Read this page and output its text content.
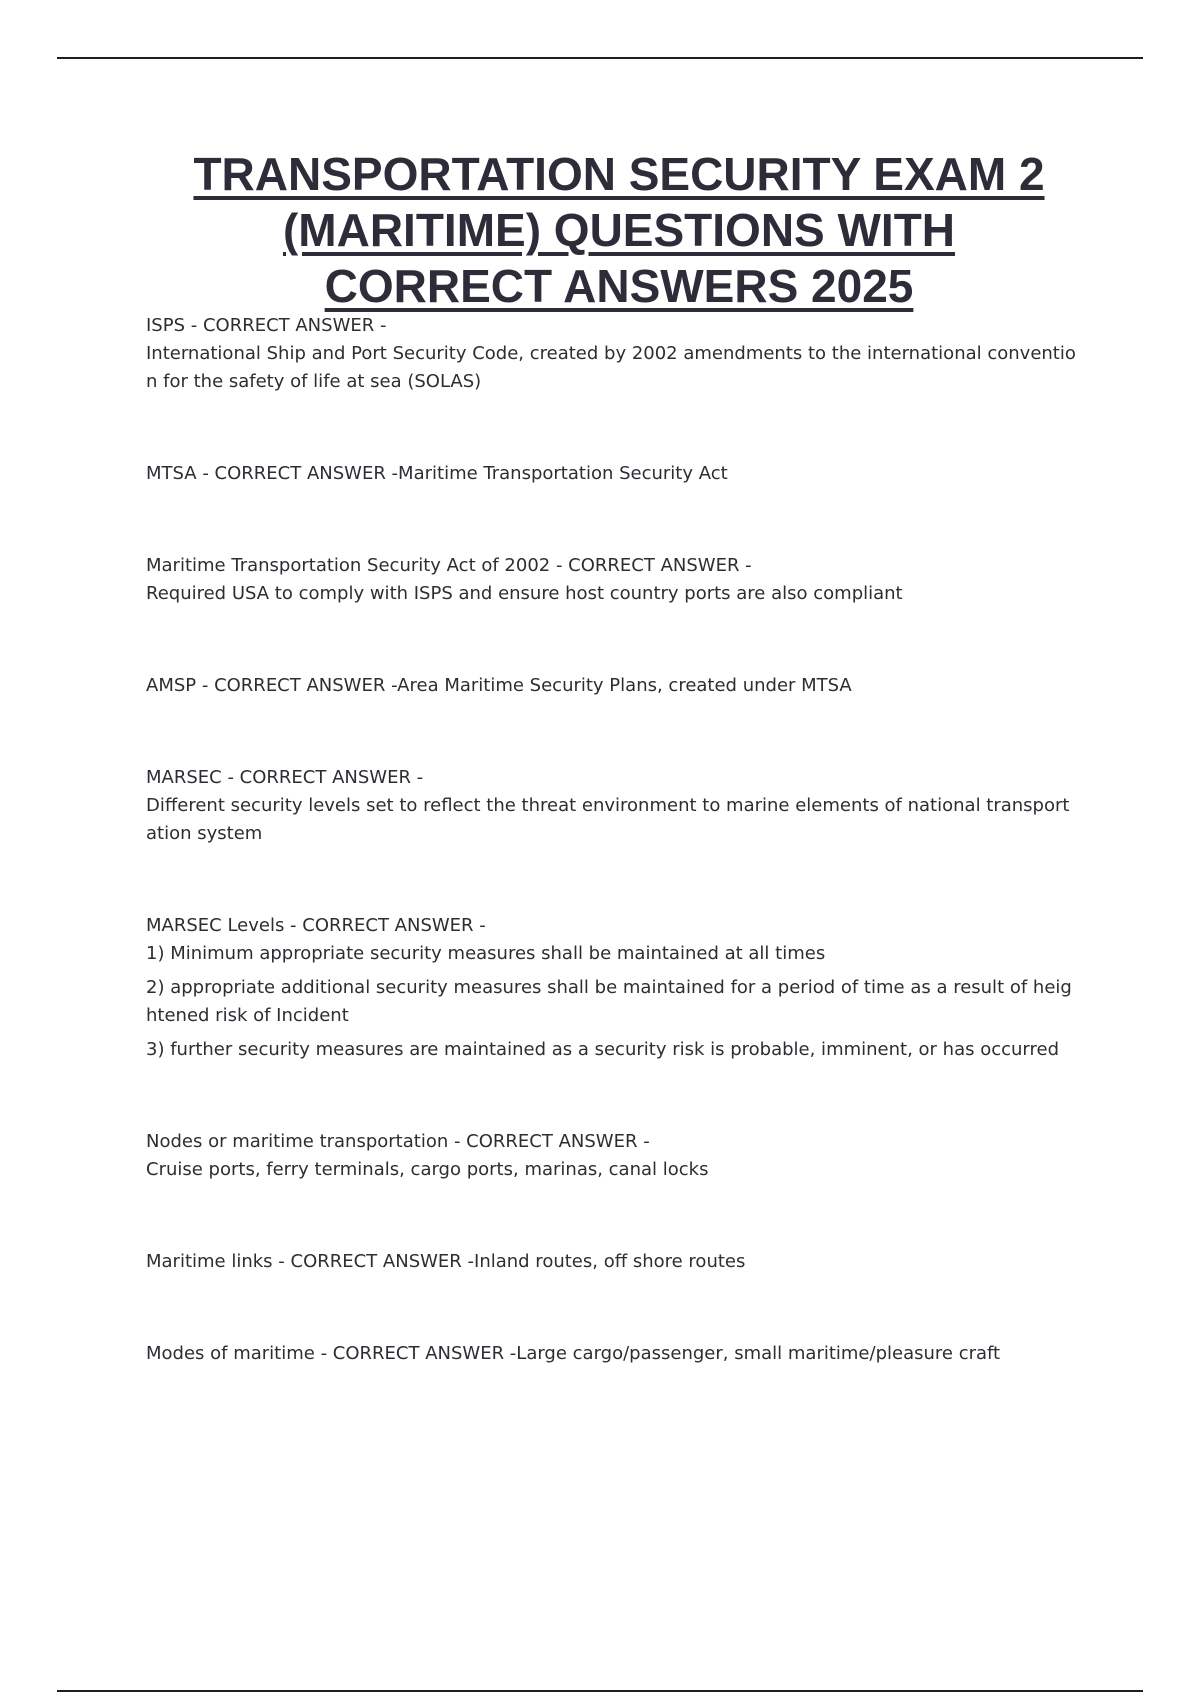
TRANSPORTATION SECURITY EXAM 2
(MARITIME) QUESTIONS WITH
CORRECT ANSWERS 2025
ISPS - CORRECT ANSWER -
International Ship and Port Security Code, created by 2002 amendments to the international conventio
n for the safety of life at sea (SOLAS)
MTSA - CORRECT ANSWER -Maritime Transportation Security Act
Maritime Transportation Security Act of 2002 - CORRECT ANSWER -
Required USA to comply with ISPS and ensure host country ports are also compliant
AMSP - CORRECT ANSWER -Area Maritime Security Plans, created under MTSA
MARSEC - CORRECT ANSWER -
Different security levels set to reflect the threat environment to marine elements of national transport
ation system
MARSEC Levels - CORRECT ANSWER -
1) Minimum appropriate security measures shall be maintained at all times
2) appropriate additional security measures shall be maintained for a period of time as a result of heig
htened risk of Incident
3) further security measures are maintained as a security risk is probable, imminent, or has occurred
Nodes or maritime transportation - CORRECT ANSWER -
Cruise ports, ferry terminals, cargo ports, marinas, canal locks
Maritime links - CORRECT ANSWER -Inland routes, off shore routes
Modes of maritime - CORRECT ANSWER -Large cargo/passenger, small maritime/pleasure craft
